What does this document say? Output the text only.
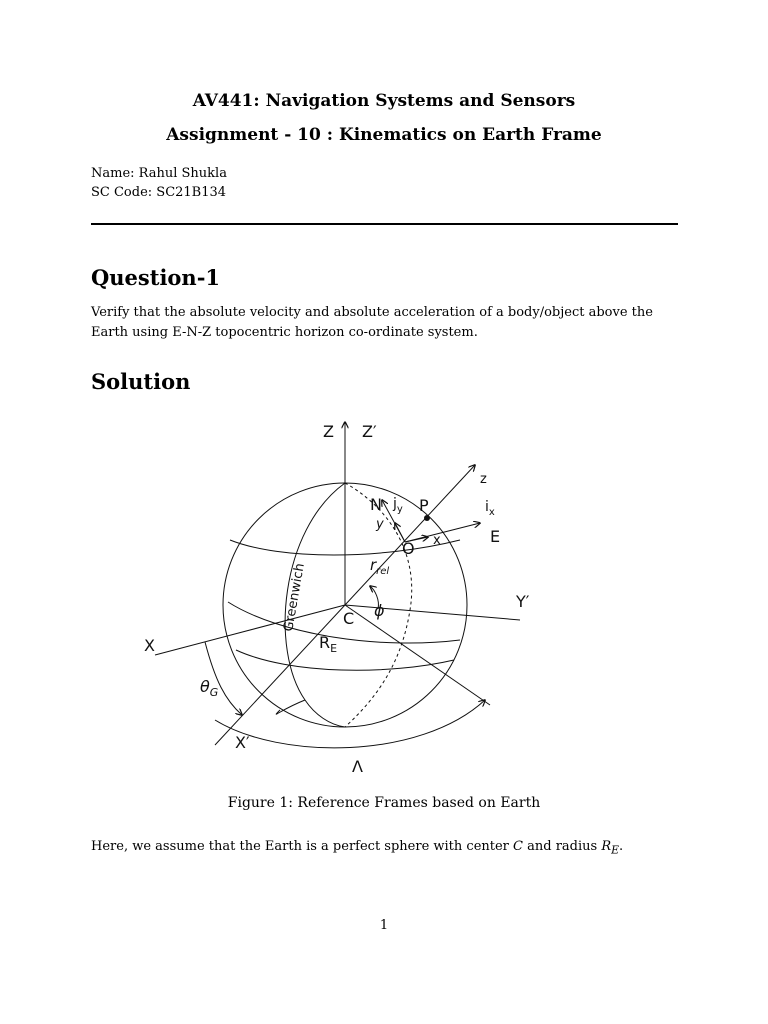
AV441: Navigation Systems and Sensors
Assignment - 10 : Kinematics on Earth Frame
Name: Rahul Shukla
SC Code: SC21B134
Question-1
Verify that the absolute velocity and absolute acceleration of a body/object above the Earth using E-N-Z topocentric horizon co-ordinate system.
Solution
Z Z′
z
N $j_y$ P	$i_x$
y
O x	E
Greenwich	$r_{rel}$
Y′
ϕ
C
X	$R_E$
$\theta_G$
X′
Λ
Figure 1: Reference Frames based on Earth
Here, we assume that the Earth is a perfect sphere with center C and radius $R_E$.
1
